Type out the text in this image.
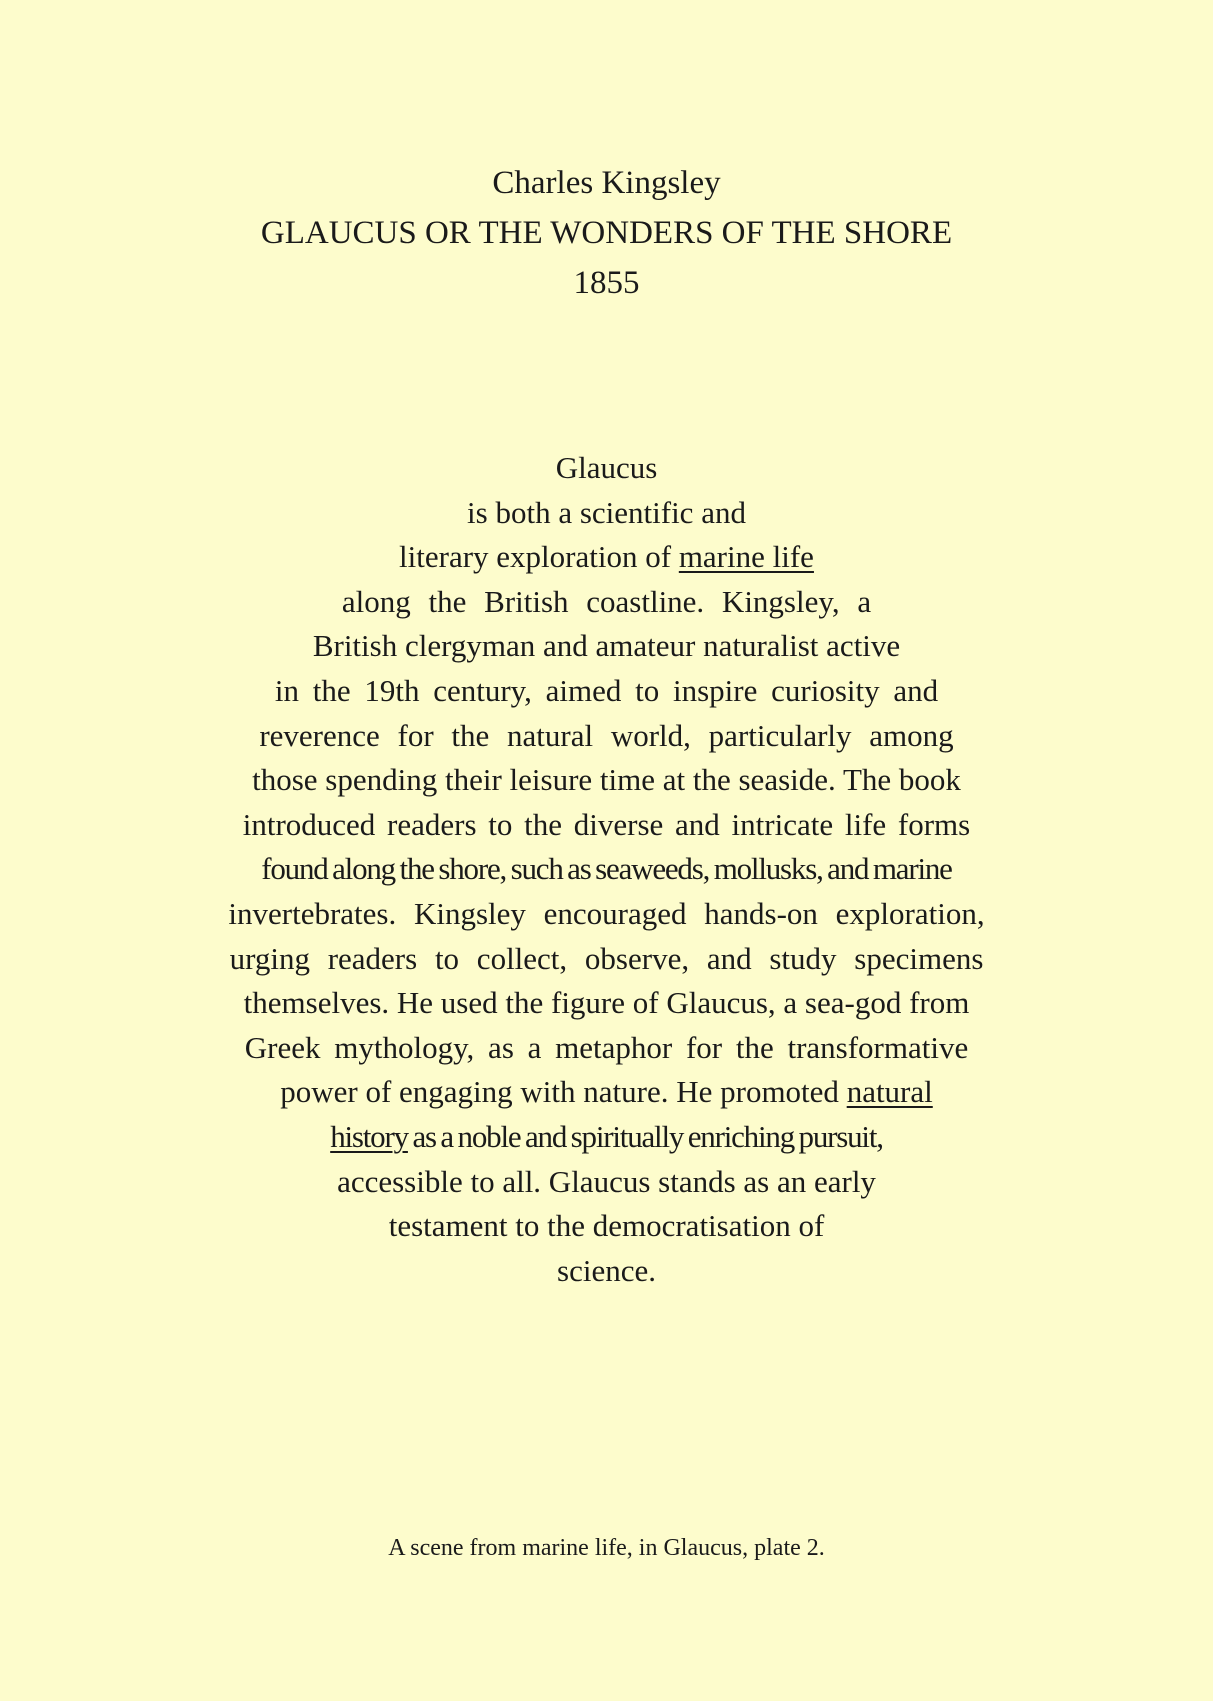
Charles Kingsley
GLAUCUS OR THE WONDERS OF THE SHORE
1855
Glaucus
is both a scientific and
literary exploration of marine life
along the British coastline. Kingsley, a
British clergyman and amateur naturalist active
in the 19th century, aimed to inspire curiosity and
reverence for the natural world, particularly among
those spending their leisure time at the seaside. The book
introduced readers to the diverse and intricate life forms
found along the shore, such as seaweeds, mollusks, and marine
invertebrates. Kingsley encouraged hands-on exploration,
urging readers to collect, observe, and study specimens
themselves. He used the figure of Glaucus, a sea-god from
Greek mythology, as a metaphor for the transformative
power of engaging with nature. He promoted natural
history as a noble and spiritually enriching pursuit,
accessible to all. Glaucus stands as an early
testament to the democratisation of
science.
A scene from marine life, in Glaucus, plate 2.
